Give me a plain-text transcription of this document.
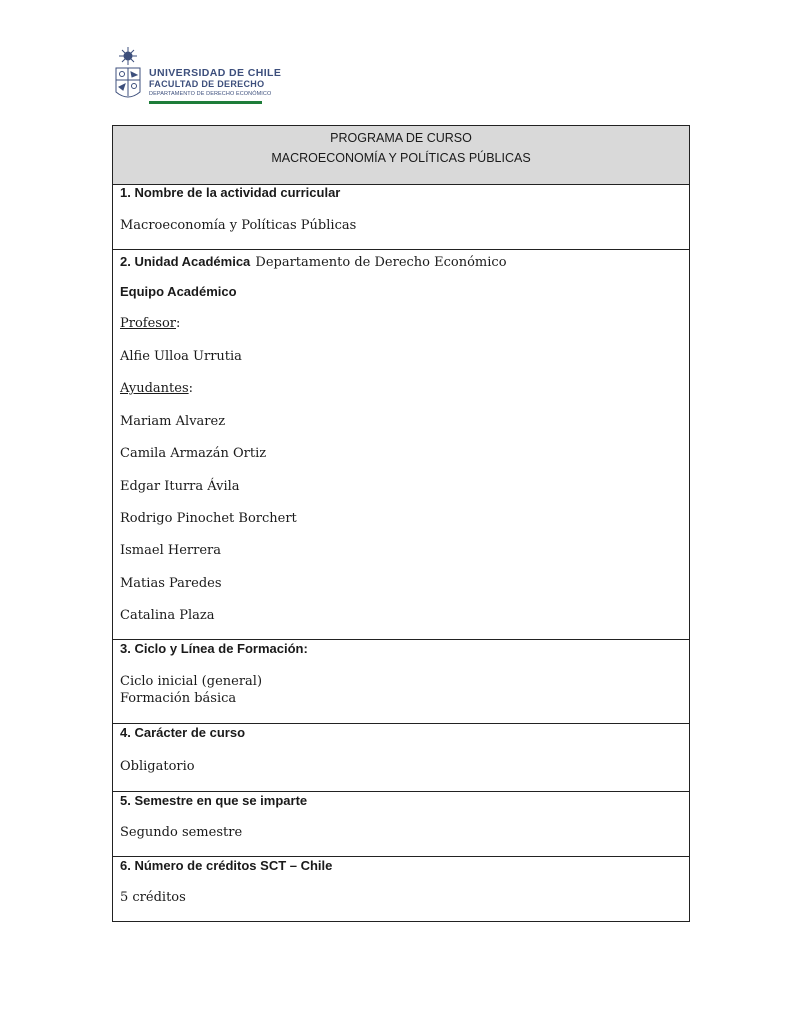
UNIVERSIDAD DE CHILE
FACULTAD DE DERECHO
DEPARTAMENTO DE DERECHO ECONÓMICO
PROGRAMA DE CURSO
MACROECONOMÍA Y POLÍTICAS PÚBLICAS
1. Nombre de la actividad curricular
Macroeconomía y Políticas Públicas
2. Unidad Académica Departamento de Derecho Económico
Equipo Académico
Profesor:
Alfie Ulloa Urrutia
Ayudantes:
Mariam Alvarez
Camila Armazán Ortiz
Edgar Iturra Ávila
Rodrigo Pinochet Borchert
Ismael Herrera
Matias Paredes
Catalina Plaza
3. Ciclo y Línea de Formación:
Ciclo inicial (general)
Formación básica
4. Carácter de curso
Obligatorio
5. Semestre en que se imparte
Segundo semestre
6. Número de créditos SCT – Chile
5 créditos
